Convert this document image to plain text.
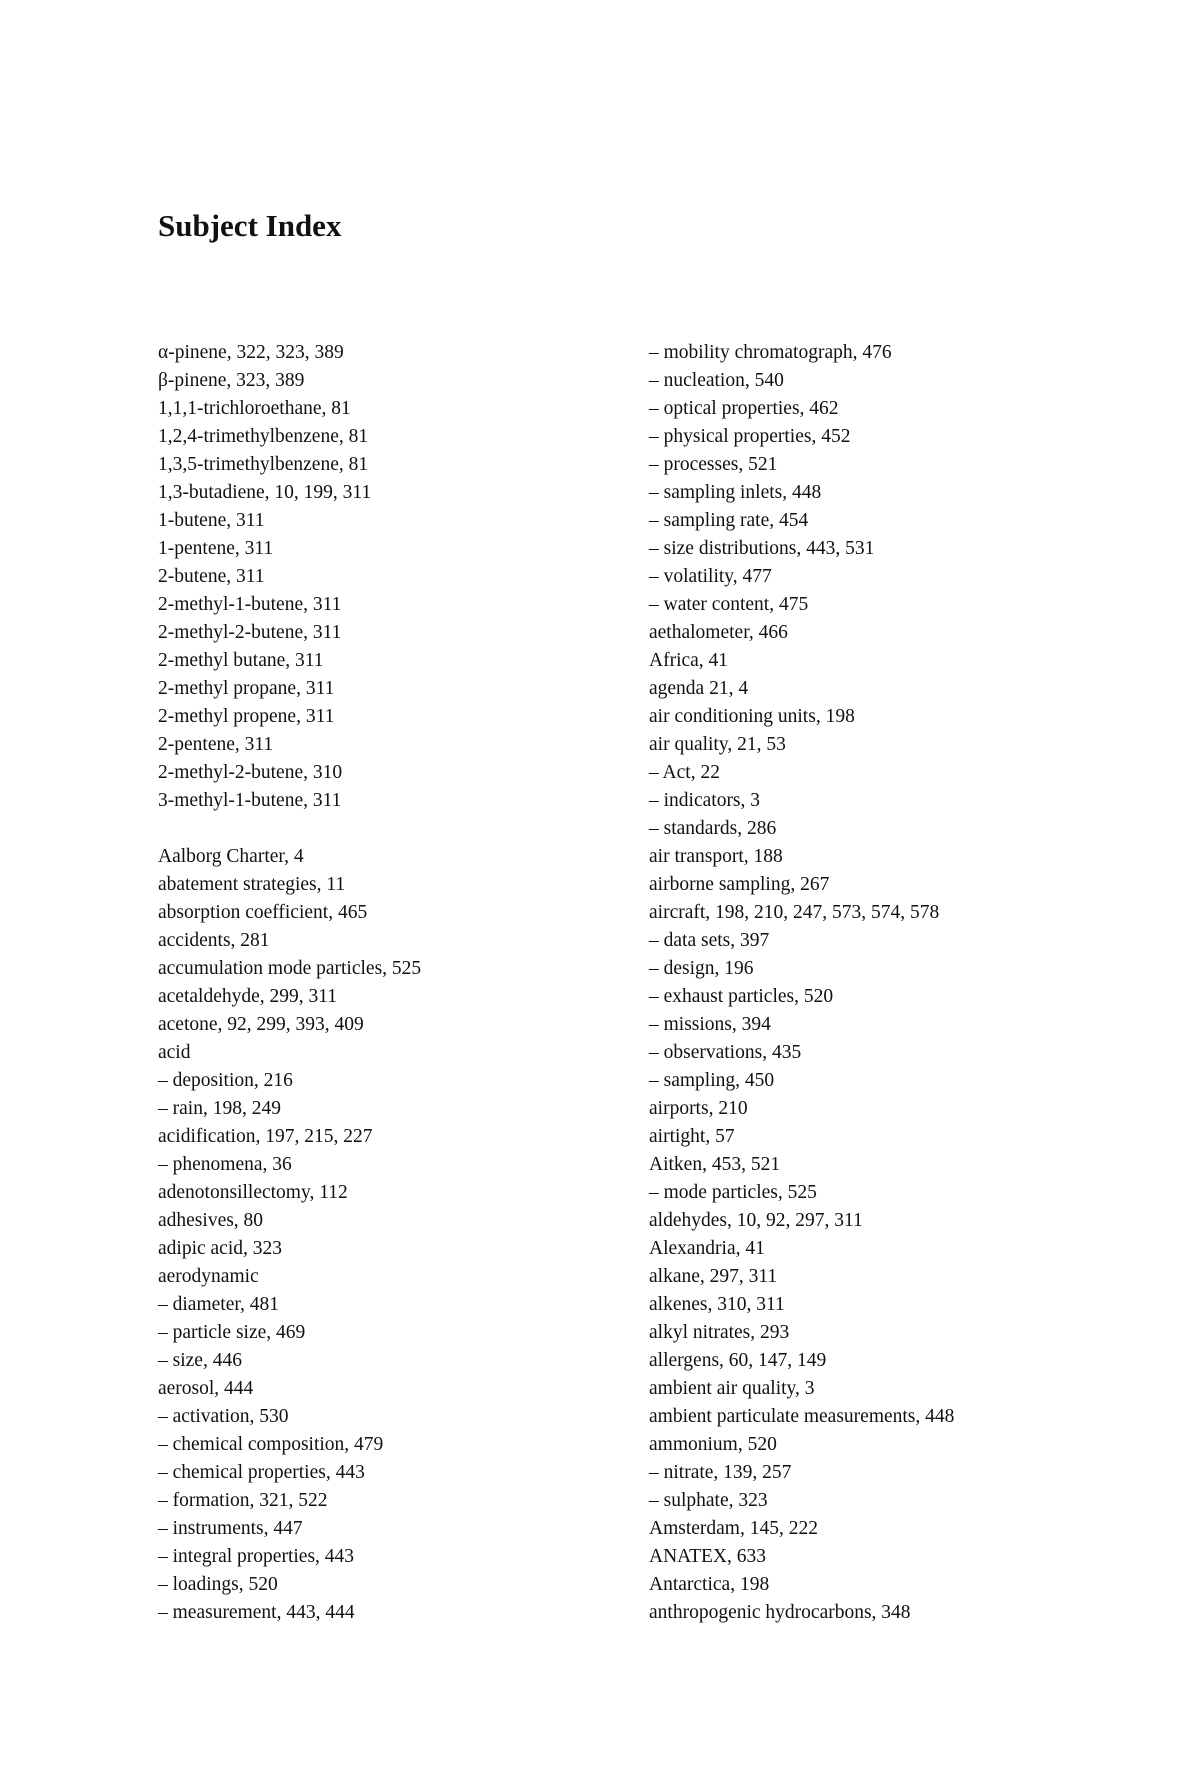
Subject Index
α-pinene, 322, 323, 389
β-pinene, 323, 389
1,1,1-trichloroethane, 81
1,2,4-trimethylbenzene, 81
1,3,5-trimethylbenzene, 81
1,3-butadiene, 10, 199, 311
1-butene, 311
1-pentene, 311
2-butene, 311
2-methyl-1-butene, 311
2-methyl-2-butene, 311
2-methyl butane, 311
2-methyl propane, 311
2-methyl propene, 311
2-pentene, 311
2-methyl-2-butene, 310
3-methyl-1-butene, 311
Aalborg Charter, 4
abatement strategies, 11
absorption coefficient, 465
accidents, 281
accumulation mode particles, 525
acetaldehyde, 299, 311
acetone, 92, 299, 393, 409
acid
– deposition, 216
– rain, 198, 249
acidification, 197, 215, 227
– phenomena, 36
adenotonsillectomy, 112
adhesives, 80
adipic acid, 323
aerodynamic
– diameter, 481
– particle size, 469
– size, 446
aerosol, 444
– activation, 530
– chemical composition, 479
– chemical properties, 443
– formation, 321, 522
– instruments, 447
– integral properties, 443
– loadings, 520
– measurement, 443, 444
– mobility chromatograph, 476
– nucleation, 540
– optical properties, 462
– physical properties, 452
– processes, 521
– sampling inlets, 448
– sampling rate, 454
– size distributions, 443, 531
– volatility, 477
– water content, 475
aethalometer, 466
Africa, 41
agenda 21, 4
air conditioning units, 198
air quality, 21, 53
– Act, 22
– indicators, 3
– standards, 286
air transport, 188
airborne sampling, 267
aircraft, 198, 210, 247, 573, 574, 578
– data sets, 397
– design, 196
– exhaust particles, 520
– missions, 394
– observations, 435
– sampling, 450
airports, 210
airtight, 57
Aitken, 453, 521
– mode particles, 525
aldehydes, 10, 92, 297, 311
Alexandria, 41
alkane, 297, 311
alkenes, 310, 311
alkyl nitrates, 293
allergens, 60, 147, 149
ambient air quality, 3
ambient particulate measurements, 448
ammonium, 520
– nitrate, 139, 257
– sulphate, 323
Amsterdam, 145, 222
ANATEX, 633
Antarctica, 198
anthropogenic hydrocarbons, 348
